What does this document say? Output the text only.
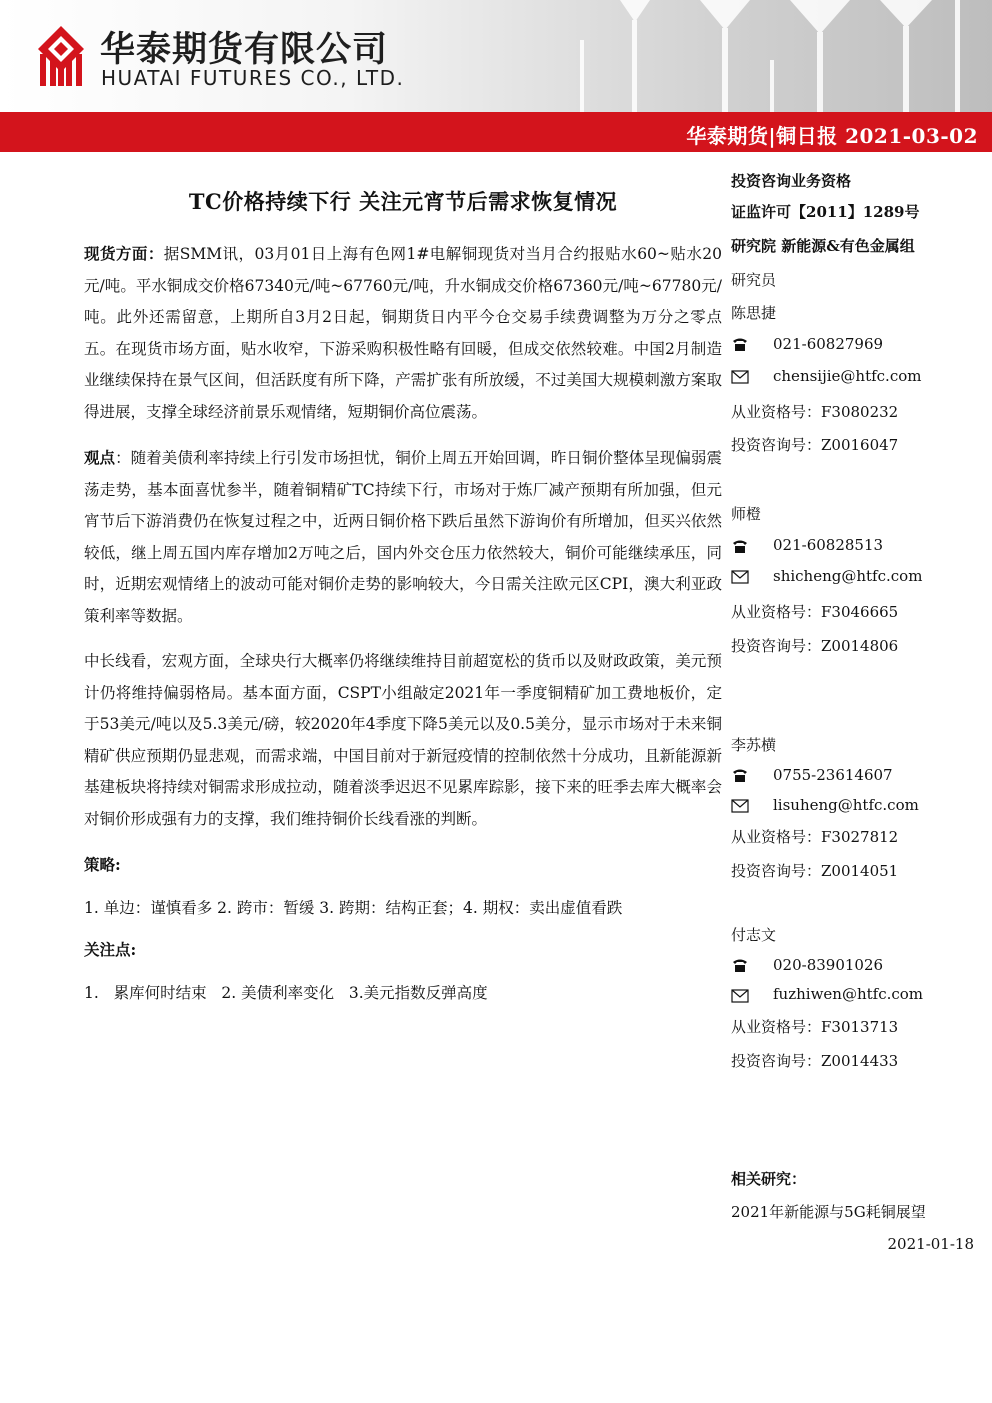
华泰期货有限公司
HUATAI FUTURES CO., LTD.
华泰期货|铜日报 2021-03-02
TC价格持续下行 关注元宵节后需求恢复情况

现货方面：据SMM讯，03月01日上海有色网1#电解铜现货对当月合约报贴水60~贴水20元/吨。平水铜成交价格67340元/吨~67760元/吨，升水铜成交价格67360元/吨~67780元/吨。此外还需留意，上期所自3月2日起，铜期货日内平今仓交易手续费调整为万分之零点五。在现货市场方面，贴水收窄，下游采购积极性略有回暖，但成交依然较难。中国2月制造业继续保持在景气区间，但活跃度有所下降，产需扩张有所放缓，不过美国大规模刺激方案取得进展，支撑全球经济前景乐观情绪，短期铜价高位震荡。

观点：随着美债利率持续上行引发市场担忧，铜价上周五开始回调，昨日铜价整体呈现偏弱震荡走势，基本面喜忧参半，随着铜精矿TC持续下行，市场对于炼厂减产预期有所加强，但元宵节后下游消费仍在恢复过程之中，近两日铜价格下跌后虽然下游询价有所增加，但买兴依然较低，继上周五国内库存增加2万吨之后，国内外交仓压力依然较大，铜价可能继续承压，同时，近期宏观情绪上的波动可能对铜价走势的影响较大，今日需关注欧元区CPI，澳大利亚政策利率等数据。

中长线看，宏观方面，全球央行大概率仍将继续维持目前超宽松的货币以及财政政策，美元预计仍将维持偏弱格局。基本面方面，CSPT小组敲定2021年一季度铜精矿加工费地板价，定于53美元/吨以及5.3美元/磅，较2020年4季度下降5美元以及0.5美分，显示市场对于未来铜精矿供应预期仍显悲观，而需求端，中国目前对于新冠疫情的控制依然十分成功，且新能源新基建板块将持续对铜需求形成拉动，随着淡季迟迟不见累库踪影，接下来的旺季去库大概率会对铜价形成强有力的支撑，我们维持铜价长线看涨的判断。

策略:
1. 单边：谨慎看多 2. 跨市：暂缓 3. 跨期：结构正套；4. 期权：卖出虚值看跌
关注点:
1.   累库何时结束   2. 美债利率变化   3.美元指数反弹高度
投资咨询业务资格
证监许可【2011】1289号
研究院 新能源&有色金属组
研究员
陈思捷
021-60827969
chensijie@htfc.com
从业资格号：F3080232
投资咨询号：Z0016047
师橙
021-60828513
shicheng@htfc.com
从业资格号：F3046665
投资咨询号：Z0014806
李苏横
0755-23614607
lisuheng@htfc.com
从业资格号：F3027812
投资咨询号：Z0014051
付志文
020-83901026
fuzhiwen@htfc.com
从业资格号：F3013713
投资咨询号：Z0014433
相关研究：
2021年新能源与5G耗铜展望
2021-01-18
